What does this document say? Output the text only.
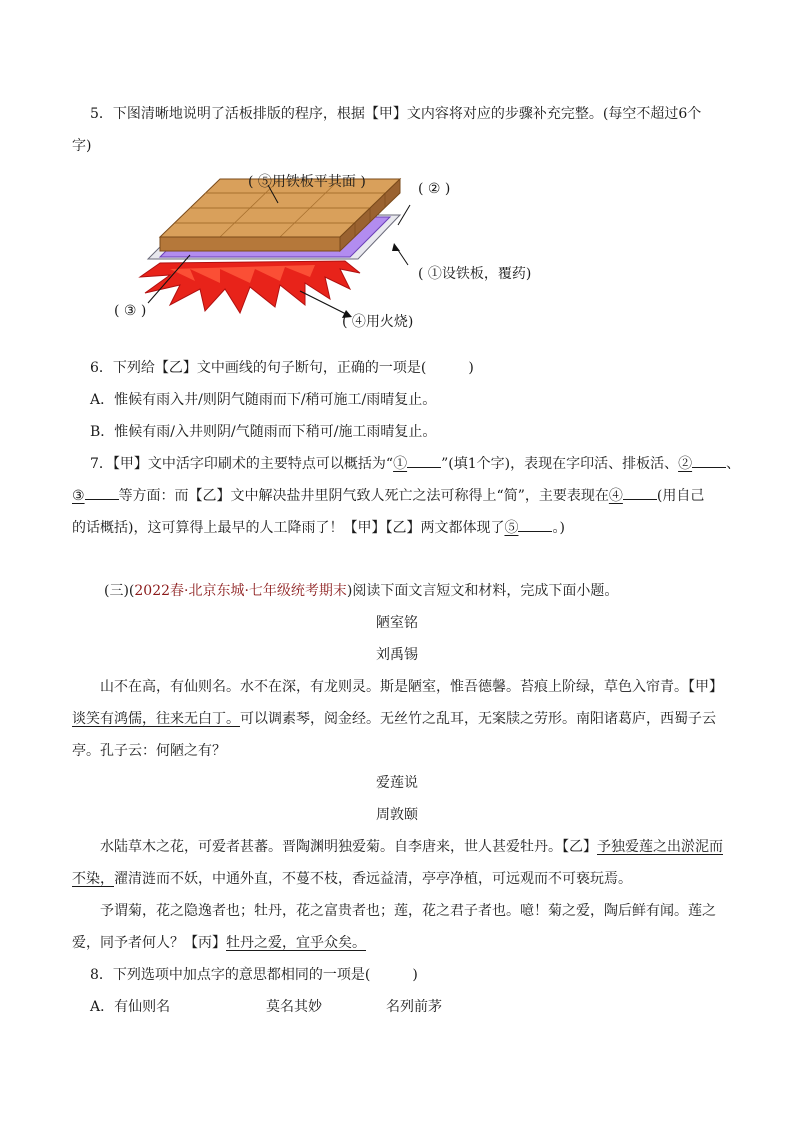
5．下图清晰地说明了活板排版的程序，根据【甲】文内容将对应的步骤补充完整。(每空不超过6个
字)
( ⑤用铁板平其面 )	( ② )
( ①设铁板，覆药)
( ③ )
( ④用火烧)
6．下列给【乙】文中画线的句子断句，正确的一项是(　　　)
A．惟候有雨入井/则阴气随雨而下/稍可施工/雨晴复止。
B．惟候有雨/入井则阴/气随雨而下稍可/施工雨晴复止。
7．【甲】文中活字印刷术的主要特点可以概括为“① ”(填1个字)，表现在字印活、排板活、② 、
③ 等方面：而【乙】文中解决盐井里阴气致人死亡之法可称得上“简”，主要表现在④ (用自己
的话概括)，这可算得上最早的人工降雨了！【甲】【乙】两文都体现了⑤ 。)
(三)(2022春·北京东城·七年级统考期末)阅读下面文言短文和材料，完成下面小题。
陋室铭
刘禹锡
山不在高，有仙则名。水不在深，有龙则灵。斯是陋室，惟吾德馨。苔痕上阶绿，草色入帘青。【甲】
谈笑有鸿儒，往来无白丁。可以调素琴，阅金经。无丝竹之乱耳，无案牍之劳形。南阳诸葛庐，西蜀子云
亭。孔子云：何陋之有？
爱莲说
周敦颐
水陆草木之花，可爱者甚蕃。晋陶渊明独爱菊。自李唐来，世人甚爱牡丹。【乙】予独爱莲之出淤泥而
不染，濯清涟而不妖，中通外直，不蔓不枝，香远益清，亭亭净植，可远观而不可亵玩焉。
予谓菊，花之隐逸者也；牡丹，花之富贵者也；莲，花之君子者也。噫！菊之爱，陶后鲜有闻。莲之
爱，同予者何人？【丙】牡丹之爱，宜乎众矣。
8．下列选项中加点字的意思都相同的一项是(　　　)
A．有仙则名	莫名其妙	名列前茅
